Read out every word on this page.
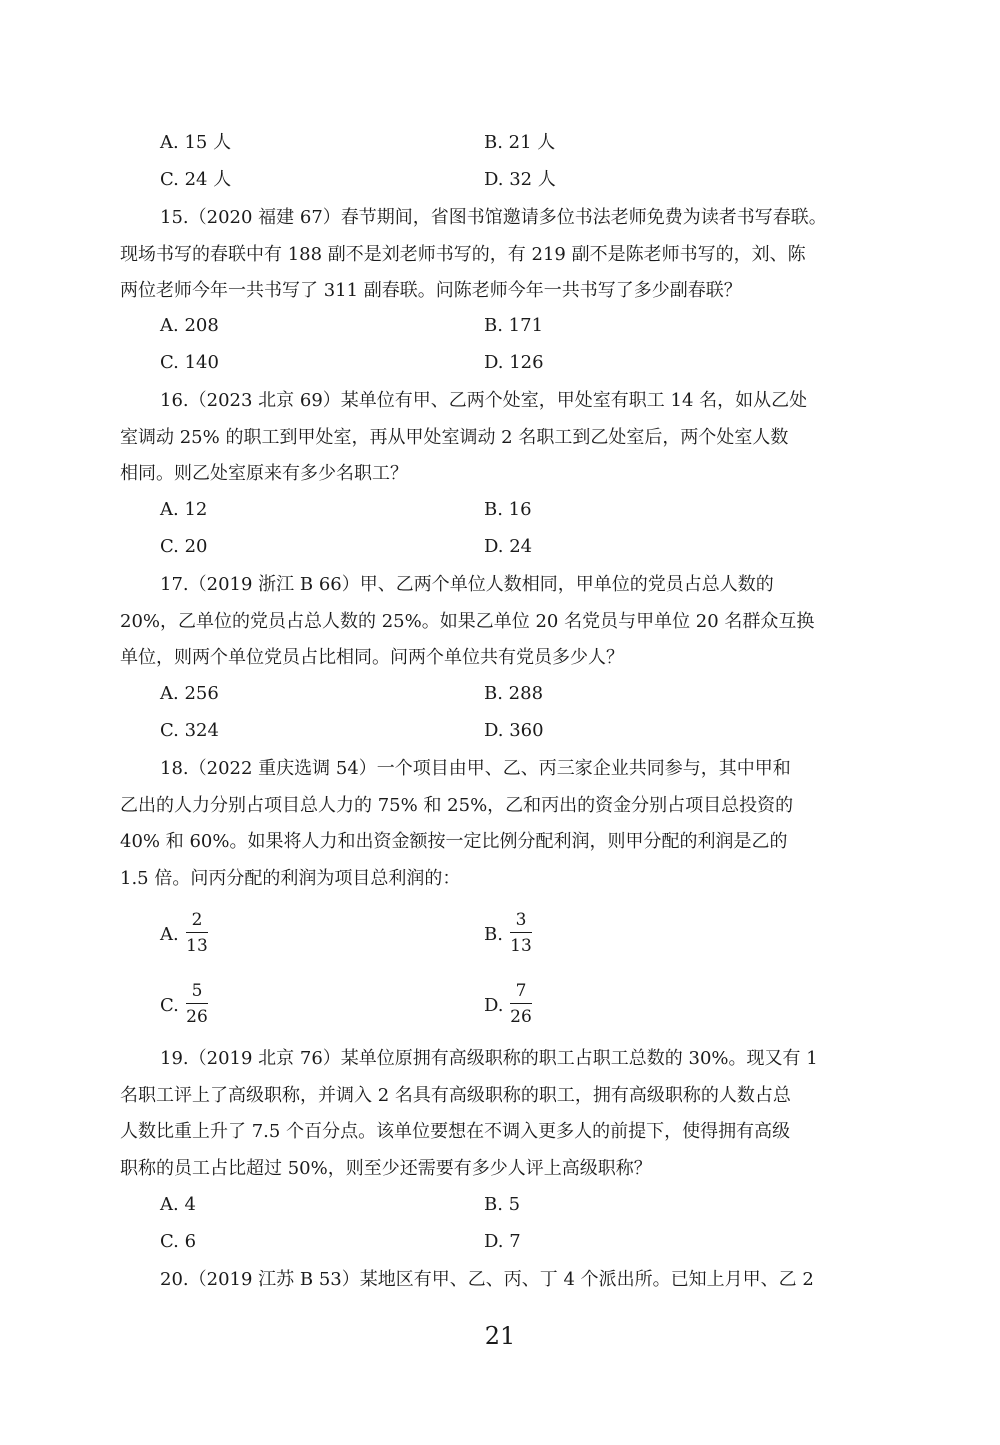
A. 15 人	B. 21 人
C. 24 人	D. 32 人
15.（2020 福建 67）春节期间，省图书馆邀请多位书法老师免费为读者书写春联。
现场书写的春联中有 188 副不是刘老师书写的，有 219 副不是陈老师书写的，刘、陈
两位老师今年一共书写了 311 副春联。问陈老师今年一共书写了多少副春联？
A. 208	B. 171
C. 140	D. 126
16.（2023 北京 69）某单位有甲、乙两个处室，甲处室有职工 14 名，如从乙处
室调动 25% 的职工到甲处室，再从甲处室调动 2 名职工到乙处室后，两个处室人数
相同。则乙处室原来有多少名职工？
A. 12	B. 16
C. 20	D. 24
17.（2019 浙江 B 66）甲、乙两个单位人数相同，甲单位的党员占总人数的
20%，乙单位的党员占总人数的 25%。如果乙单位 20 名党员与甲单位 20 名群众互换
单位，则两个单位党员占比相同。问两个单位共有党员多少人？
A. 256	B. 288
C. 324	D. 360
18.（2022 重庆选调 54）一个项目由甲、乙、丙三家企业共同参与，其中甲和
乙出的人力分别占项目总人力的 75% 和 25%，乙和丙出的资金分别占项目总投资的
40% 和 60%。如果将人力和出资金额按一定比例分配利润，则甲分配的利润是乙的
1.5 倍。问丙分配的利润为项目总利润的：
A.
2
13
B.
3
13
C.
5
26
D.
7
26
19.（2019 北京 76）某单位原拥有高级职称的职工占职工总数的 30%。现又有 1
名职工评上了高级职称，并调入 2 名具有高级职称的职工，拥有高级职称的人数占总
人数比重上升了 7.5 个百分点。该单位要想在不调入更多人的前提下，使得拥有高级
职称的员工占比超过 50%，则至少还需要有多少人评上高级职称？
A. 4	B. 5
C. 6	D. 7
20.（2019 江苏 B 53）某地区有甲、乙、丙、丁 4 个派出所。已知上月甲、乙 2
21
